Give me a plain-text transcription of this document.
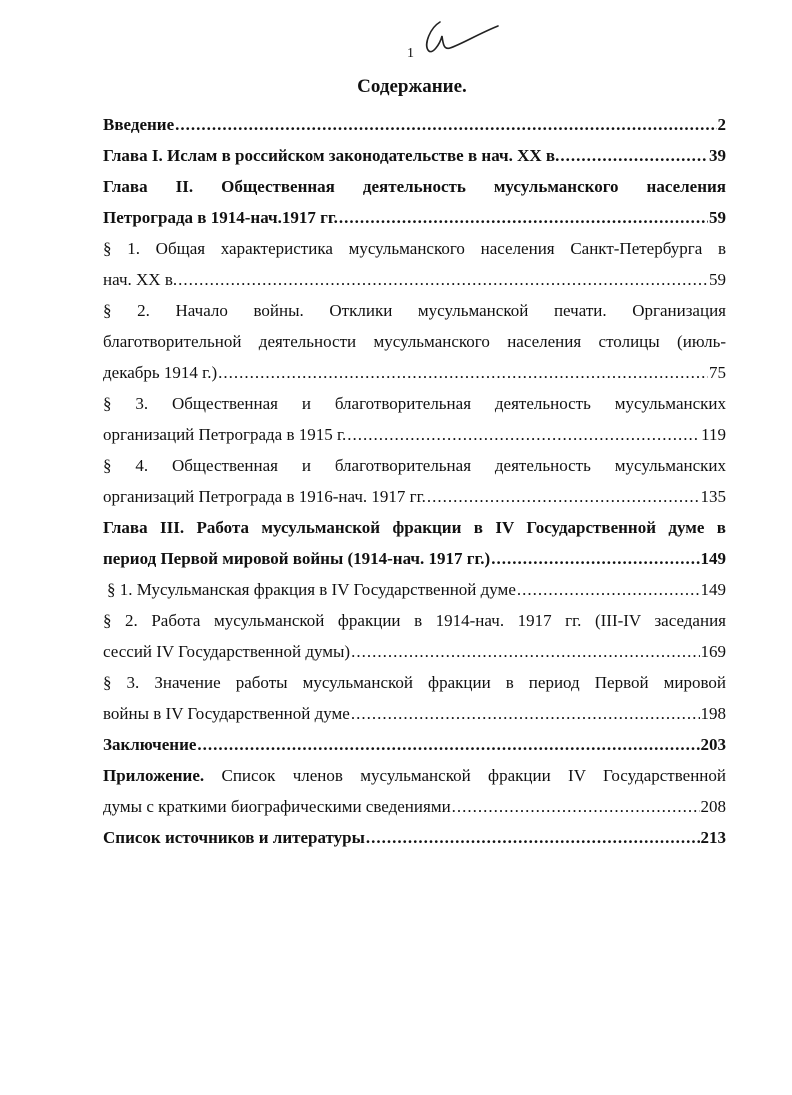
1
Содержание.
Введение .....	2
Глава I. Ислам в российском законодательстве в нач. XX в. .....	39
Глава II. Общественная деятельность мусульманского населения
Петрограда в 1914-нач.1917 гг. .....	59
§ 1. Общая характеристика мусульманского населения Санкт-Петербурга в
нач. XX в. .....	59
§ 2. Начало войны. Отклики мусульманской печати. Организация
благотворительной деятельности мусульманского населения столицы (июль-
декабрь 1914 г.) .....	75
§ 3. Общественная и благотворительная деятельность мусульманских
организаций Петрограда в 1915 г. .....	119
§ 4. Общественная и благотворительная деятельность мусульманских
организаций Петрограда в 1916-нач. 1917 гг. .....	135
Глава III. Работа мусульманской фракции в IV Государственной думе в
период Первой мировой войны (1914-нач. 1917 гг.) .....	149
§ 1. Мусульманская фракция в IV Государственной думе .....	149
§ 2. Работа мусульманской фракции в 1914-нач. 1917 гг. (III-IV заседания
сессий IV Государственной думы) .....	169
§ 3. Значение работы мусульманской фракции в период Первой мировой
войны в IV Государственной думе .....	198
Заключение .....	203
Приложение. Список членов мусульманской фракции IV Государственной
думы с краткими биографическими сведениями .....	208
Список источников и литературы .....	213
